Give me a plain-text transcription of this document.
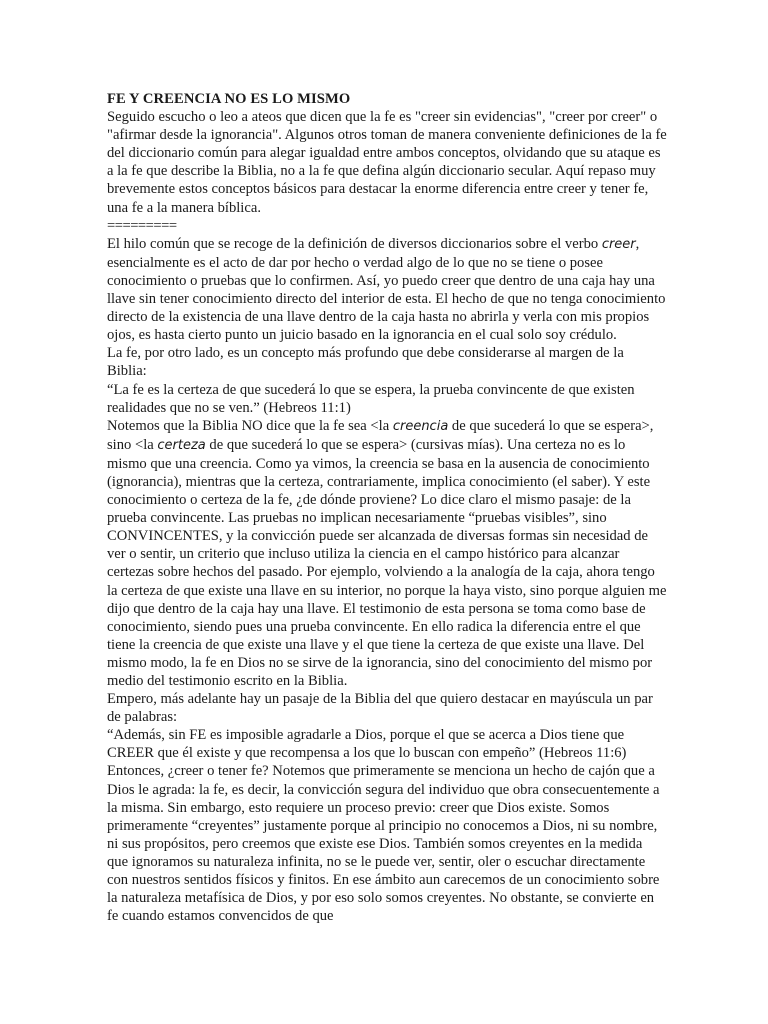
FE Y CREENCIA NO ES LO MISMO

Seguido escucho o leo a ateos que dicen que la fe es "creer sin evidencias", "creer por creer" o "afirmar desde la ignorancia". Algunos otros toman de manera conveniente definiciones de la fe del diccionario común para alegar igualdad entre ambos conceptos, olvidando que su ataque es a la fe que describe la Biblia, no a la fe que defina algún diccionario secular. Aquí repaso muy brevemente estos conceptos básicos para destacar la enorme diferencia entre creer y tener fe, una fe a la manera bíblica.

=========

El hilo común que se recoge de la definición de diversos diccionarios sobre el verbo creer, esencialmente es el acto de dar por hecho o verdad algo de lo que no se tiene o posee conocimiento o pruebas que lo confirmen. Así, yo puedo creer que dentro de una caja hay una llave sin tener conocimiento directo del interior de esta. El hecho de que no tenga conocimiento directo de la existencia de una llave dentro de la caja hasta no abrirla y verla con mis propios ojos, es hasta cierto punto un juicio basado en la ignorancia en el cual solo soy crédulo.

La fe, por otro lado, es un concepto más profundo que debe considerarse al margen de la Biblia:

“La fe es la certeza de que sucederá lo que se espera, la prueba convincente de que existen realidades que no se ven.” (Hebreos 11:1)

Notemos que la Biblia NO dice que la fe sea <la creencia de que sucederá lo que se espera>, sino <la certeza de que sucederá lo que se espera> (cursivas mías). Una certeza no es lo mismo que una creencia. Como ya vimos, la creencia se basa en la ausencia de conocimiento (ignorancia), mientras que la certeza, contrariamente, implica conocimiento (el saber). Y este conocimiento o certeza de la fe, ¿de dónde proviene? Lo dice claro el mismo pasaje: de la prueba convincente. Las pruebas no implican necesariamente “pruebas visibles”, sino CONVINCENTES, y la convicción puede ser alcanzada de diversas formas sin necesidad de ver o sentir, un criterio que incluso utiliza la ciencia en el campo histórico para alcanzar certezas sobre hechos del pasado. Por ejemplo, volviendo a la analogía de la caja, ahora tengo la certeza de que existe una llave en su interior, no porque la haya visto, sino porque alguien me dijo que dentro de la caja hay una llave. El testimonio de esta persona se toma como base de conocimiento, siendo pues una prueba convincente. En ello radica la diferencia entre el que tiene la creencia de que existe una llave y el que tiene la certeza de que existe una llave. Del mismo modo, la fe en Dios no se sirve de la ignorancia, sino del conocimiento del mismo por medio del testimonio escrito en la Biblia.

Empero, más adelante hay un pasaje de la Biblia del que quiero destacar en mayúscula un par de palabras:

“Además, sin FE es imposible agradarle a Dios, porque el que se acerca a Dios tiene que CREER que él existe y que recompensa a los que lo buscan con empeño” (Hebreos 11:6)

Entonces, ¿creer o tener fe? Notemos que primeramente se menciona un hecho de cajón que a Dios le agrada: la fe, es decir, la convicción segura del individuo que obra consecuentemente a la misma. Sin embargo, esto requiere un proceso previo: creer que Dios existe. Somos primeramente “creyentes” justamente porque al principio no conocemos a Dios, ni su nombre, ni sus propósitos, pero creemos que existe ese Dios. También somos creyentes en la medida que ignoramos su naturaleza infinita, no se le puede ver, sentir, oler o escuchar directamente con nuestros sentidos físicos y finitos. En ese ámbito aun carecemos de un conocimiento sobre la naturaleza metafísica de Dios, y por eso solo somos creyentes. No obstante, se convierte en fe cuando estamos convencidos de que
